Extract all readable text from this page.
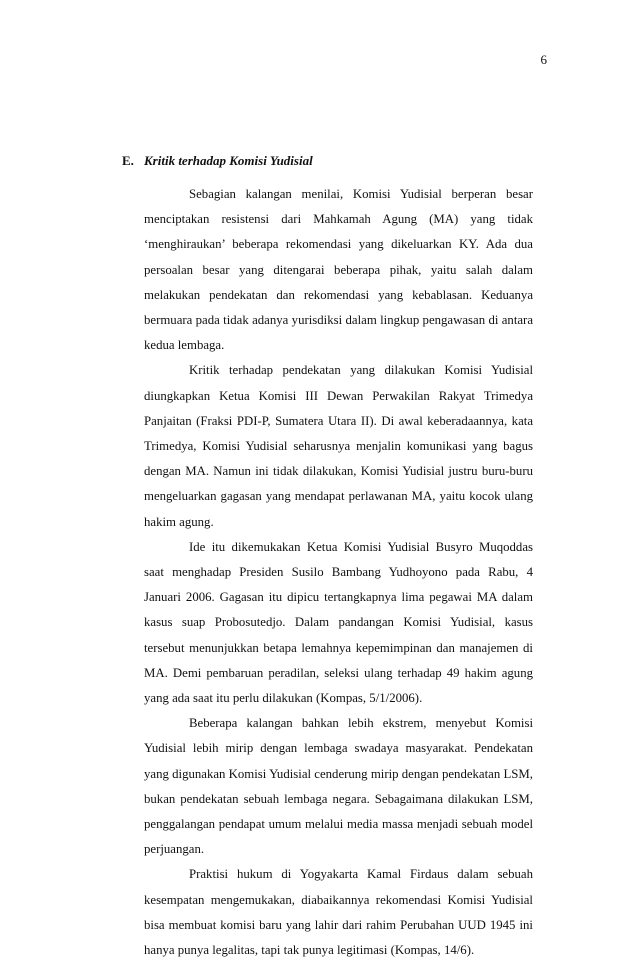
6
E. Kritik terhadap Komisi Yudisial

Sebagian kalangan menilai, Komisi Yudisial berperan besar menciptakan resistensi dari Mahkamah Agung (MA) yang tidak ‘menghiraukan’ beberapa rekomendasi yang dikeluarkan KY. Ada dua persoalan besar yang ditengarai beberapa pihak, yaitu salah dalam melakukan pendekatan dan rekomendasi yang kebablasan. Keduanya bermuara pada tidak adanya yurisdiksi dalam lingkup pengawasan di antara kedua lembaga.

Kritik terhadap pendekatan yang dilakukan Komisi Yudisial diungkapkan Ketua Komisi III Dewan Perwakilan Rakyat Trimedya Panjaitan (Fraksi PDI-P, Sumatera Utara II). Di awal keberadaannya, kata Trimedya, Komisi Yudisial seharusnya menjalin komunikasi yang bagus dengan MA. Namun ini tidak dilakukan, Komisi Yudisial justru buru-buru mengeluarkan gagasan yang mendapat perlawanan MA, yaitu kocok ulang hakim agung.

Ide itu dikemukakan Ketua Komisi Yudisial Busyro Muqoddas saat menghadap Presiden Susilo Bambang Yudhoyono pada Rabu, 4 Januari 2006. Gagasan itu dipicu tertangkapnya lima pegawai MA dalam kasus suap Probosutedjo. Dalam pandangan Komisi Yudisial, kasus tersebut menunjukkan betapa lemahnya kepemimpinan dan manajemen di MA. Demi pembaruan peradilan, seleksi ulang terhadap 49 hakim agung yang ada saat itu perlu dilakukan (Kompas, 5/1/2006).

Beberapa kalangan bahkan lebih ekstrem, menyebut Komisi Yudisial lebih mirip dengan lembaga swadaya masyarakat. Pendekatan yang digunakan Komisi Yudisial cenderung mirip dengan pendekatan LSM, bukan pendekatan sebuah lembaga negara. Sebagaimana dilakukan LSM, penggalangan pendapat umum melalui media massa menjadi sebuah model perjuangan.

Praktisi hukum di Yogyakarta Kamal Firdaus dalam sebuah kesempatan mengemukakan, diabaikannya rekomendasi Komisi Yudisial bisa membuat komisi baru yang lahir dari rahim Perubahan UUD 1945 ini hanya punya legalitas, tapi tak punya legitimasi (Kompas, 14/6).
